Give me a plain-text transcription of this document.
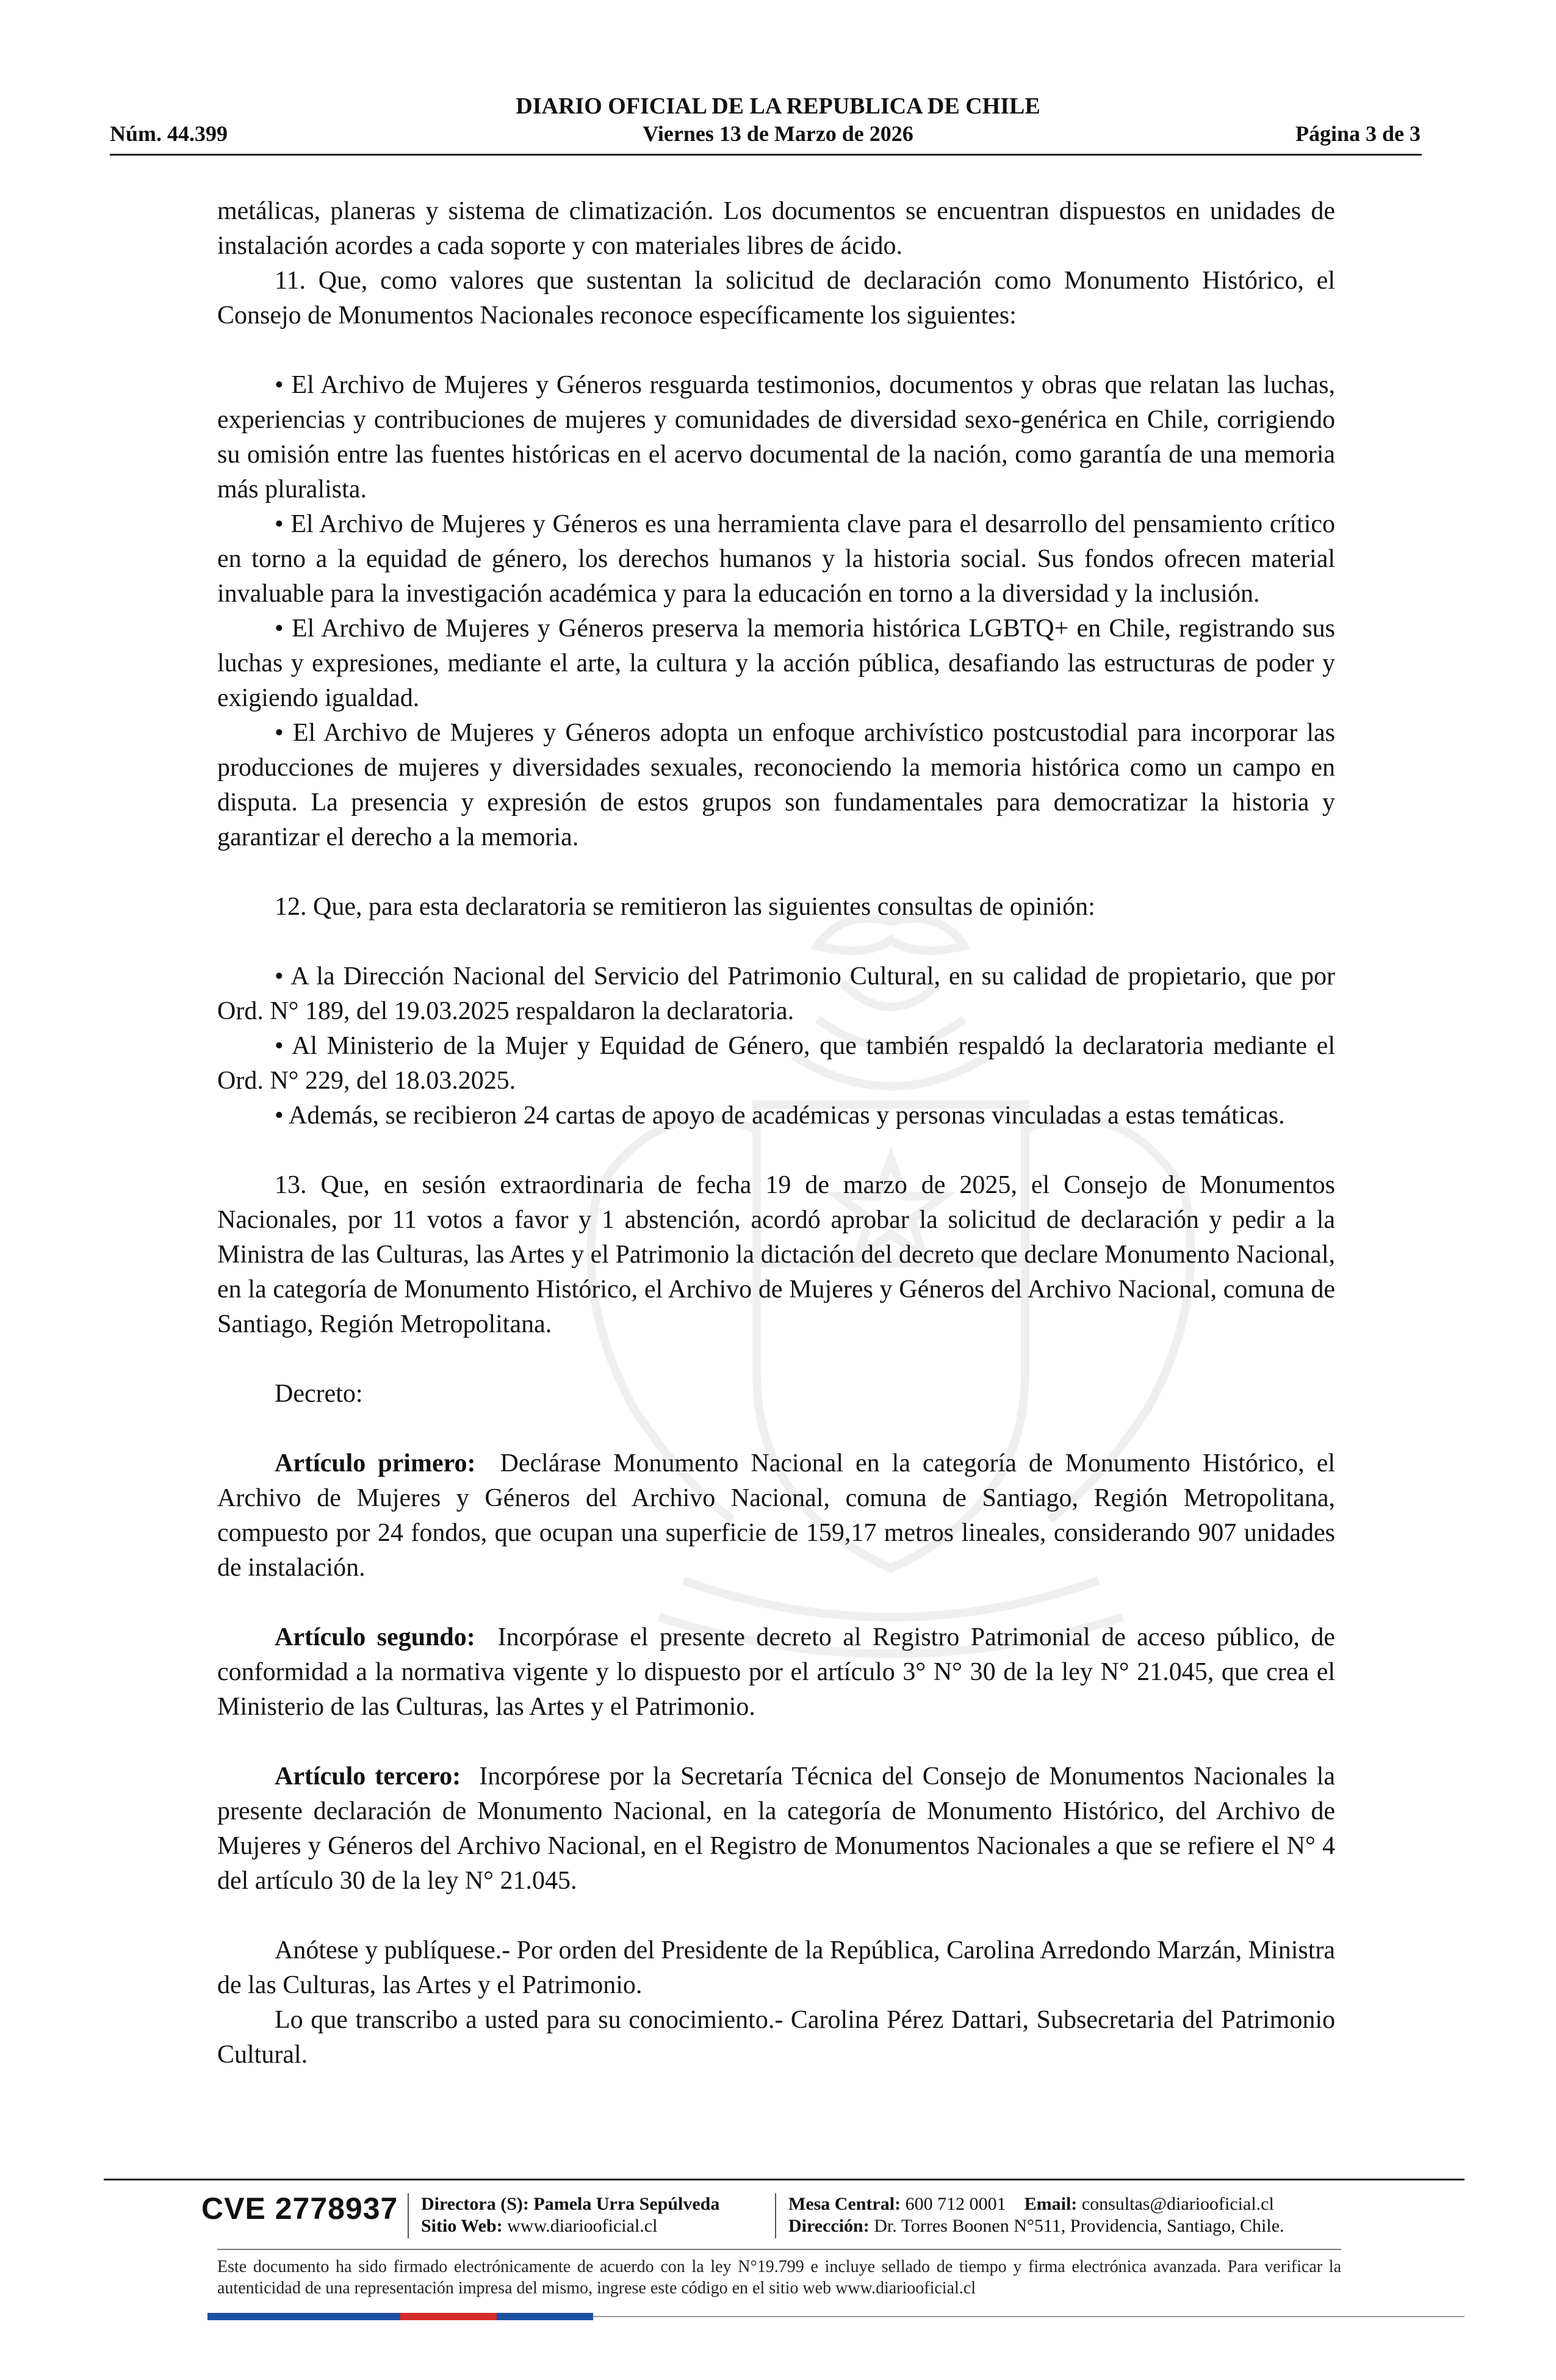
DIARIO OFICIAL DE LA REPUBLICA DE CHILE
Núm. 44.399	Viernes 13 de Marzo de 2026	Página 3 de 3

metálicas, planeras y sistema de climatización. Los documentos se encuentran dispuestos en unidades de instalación acordes a cada soporte y con materiales libres de ácido.

11. Que, como valores que sustentan la solicitud de declaración como Monumento Histórico, el Consejo de Monumentos Nacionales reconoce específicamente los siguientes:

• El Archivo de Mujeres y Géneros resguarda testimonios, documentos y obras que relatan las luchas, experiencias y contribuciones de mujeres y comunidades de diversidad sexo-genérica en Chile, corrigiendo su omisión entre las fuentes históricas en el acervo documental de la nación, como garantía de una memoria más pluralista.

• El Archivo de Mujeres y Géneros es una herramienta clave para el desarrollo del pensamiento crítico en torno a la equidad de género, los derechos humanos y la historia social. Sus fondos ofrecen material invaluable para la investigación académica y para la educación en torno a la diversidad y la inclusión.

• El Archivo de Mujeres y Géneros preserva la memoria histórica LGBTQ+ en Chile, registrando sus luchas y expresiones, mediante el arte, la cultura y la acción pública, desafiando las estructuras de poder y exigiendo igualdad.

• El Archivo de Mujeres y Géneros adopta un enfoque archivístico postcustodial para incorporar las producciones de mujeres y diversidades sexuales, reconociendo la memoria histórica como un campo en disputa. La presencia y expresión de estos grupos son fundamentales para democratizar la historia y garantizar el derecho a la memoria.

12. Que, para esta declaratoria se remitieron las siguientes consultas de opinión:

• A la Dirección Nacional del Servicio del Patrimonio Cultural, en su calidad de propietario, que por Ord. N° 189, del 19.03.2025 respaldaron la declaratoria.

• Al Ministerio de la Mujer y Equidad de Género, que también respaldó la declaratoria mediante el Ord. N° 229, del 18.03.2025.

• Además, se recibieron 24 cartas de apoyo de académicas y personas vinculadas a estas temáticas.

13. Que, en sesión extraordinaria de fecha 19 de marzo de 2025, el Consejo de Monumentos Nacionales, por 11 votos a favor y 1 abstención, acordó aprobar la solicitud de declaración y pedir a la Ministra de las Culturas, las Artes y el Patrimonio la dictación del decreto que declare Monumento Nacional, en la categoría de Monumento Histórico, el Archivo de Mujeres y Géneros del Archivo Nacional, comuna de Santiago, Región Metropolitana.

Decreto:

Artículo primero: Declárase Monumento Nacional en la categoría de Monumento Histórico, el Archivo de Mujeres y Géneros del Archivo Nacional, comuna de Santiago, Región Metropolitana, compuesto por 24 fondos, que ocupan una superficie de 159,17 metros lineales, considerando 907 unidades de instalación.

Artículo segundo: Incorpórase el presente decreto al Registro Patrimonial de acceso público, de conformidad a la normativa vigente y lo dispuesto por el artículo 3° N° 30 de la ley N° 21.045, que crea el Ministerio de las Culturas, las Artes y el Patrimonio.

Artículo tercero: Incorpórese por la Secretaría Técnica del Consejo de Monumentos Nacionales la presente declaración de Monumento Nacional, en la categoría de Monumento Histórico, del Archivo de Mujeres y Géneros del Archivo Nacional, en el Registro de Monumentos Nacionales a que se refiere el N° 4 del artículo 30 de la ley N° 21.045.

Anótese y publíquese.- Por orden del Presidente de la República, Carolina Arredondo Marzán, Ministra de las Culturas, las Artes y el Patrimonio.

Lo que transcribo a usted para su conocimiento.- Carolina Pérez Dattari, Subsecretaria del Patrimonio Cultural.

CVE 2778937 Directora (S): Pamela Urra Sepúlveda
Sitio Web: www.diariooficial.cl
Mesa Central: 600 712 0001 Email: consultas@diariooficial.cl
Dirección: Dr. Torres Boonen N°511, Providencia, Santiago, Chile.
Este documento ha sido firmado electrónicamente de acuerdo con la ley N°19.799 e incluye sellado de tiempo y firma electrónica avanzada. Para verificar la autenticidad de una representación impresa del mismo, ingrese este código en el sitio web www.diariooficial.cl
